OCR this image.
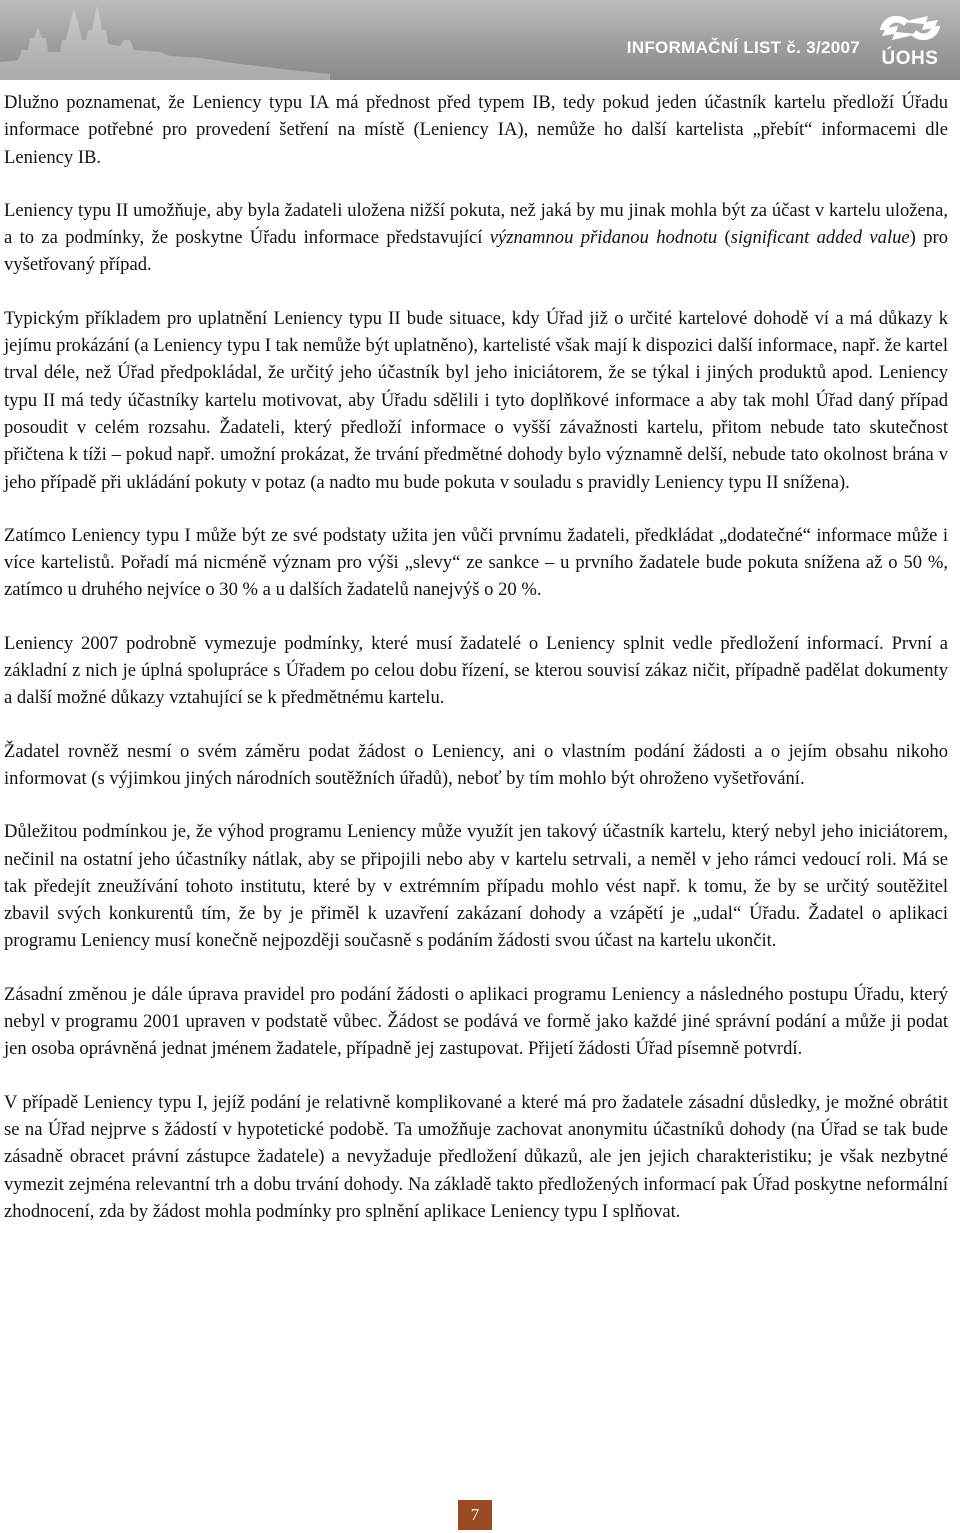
INFORMAČNÍ LIST č. 3/2007
ÚOHS

Dlužno poznamenat, že Leniency typu IA má přednost před typem IB, tedy pokud jeden účastník kartelu předloží Úřadu informace potřebné pro provedení šetření na místě (Leniency IA), nemůže ho další kartelista „přebít“ informacemi dle Leniency IB.

Leniency typu II umožňuje, aby byla žadateli uložena nižší pokuta, než jaká by mu jinak mohla být za účast v kartelu uložena, a to za podmínky, že poskytne Úřadu informace představující významnou přidanou hodnotu (significant added value) pro vyšetřovaný případ.

Typickým příkladem pro uplatnění Leniency typu II bude situace, kdy Úřad již o určité kartelové dohodě ví a má důkazy k jejímu prokázání (a Leniency typu I tak nemůže být uplatněno), kartelisté však mají k dispozici další informace, např. že kartel trval déle, než Úřad předpokládal, že určitý jeho účastník byl jeho iniciátorem, že se týkal i jiných produktů apod. Leniency typu II má tedy účastníky kartelu motivovat, aby Úřadu sdělili i tyto doplňkové informace a aby tak mohl Úřad daný případ posoudit v celém rozsahu. Žadateli, který předloží informace o vyšší závažnosti kartelu, přitom nebude tato skutečnost přičtena k tíži – pokud např. umožní prokázat, že trvání předmětné dohody bylo významně delší, nebude tato okolnost brána v jeho případě při ukládání pokuty v potaz (a nadto mu bude pokuta v souladu s pravidly Leniency typu II snížena).

Zatímco Leniency typu I může být ze své podstaty užita jen vůči prvnímu žadateli, předkládat „dodatečné“ informace může i více kartelistů. Pořadí má nicméně význam pro výši „slevy“ ze sankce – u prvního žadatele bude pokuta snížena až o 50 %, zatímco u druhého nejvíce o 30 % a u dalších žadatelů nanejvýš o 20 %.

Leniency 2007 podrobně vymezuje podmínky, které musí žadatelé o Leniency splnit vedle předložení informací. První a základní z nich je úplná spolupráce s Úřadem po celou dobu řízení, se kterou souvisí zákaz ničit, případně padělat dokumenty a další možné důkazy vztahující se k předmětnému kartelu.

Žadatel rovněž nesmí o svém záměru podat žádost o Leniency, ani o vlastním podání žádosti a o jejím obsahu nikoho informovat (s výjimkou jiných národních soutěžních úřadů), neboť by tím mohlo být ohroženo vyšetřování.

Důležitou podmínkou je, že výhod programu Leniency může využít jen takový účastník kartelu, který nebyl jeho iniciátorem, nečinil na ostatní jeho účastníky nátlak, aby se připojili nebo aby v kartelu setrvali, a neměl v jeho rámci vedoucí roli. Má se tak předejít zneužívání tohoto institutu, které by v extrémním případu mohlo vést např. k tomu, že by se určitý soutěžitel zbavil svých konkurentů tím, že by je přiměl k uzavření zakázaní dohody a vzápětí je „udal“ Úřadu. Žadatel o aplikaci programu Leniency musí konečně nejpozději současně s podáním žádosti svou účast na kartelu ukončit.

Zásadní změnou je dále úprava pravidel pro podání žádosti o aplikaci programu Leniency a následného postupu Úřadu, který nebyl v programu 2001 upraven v podstatě vůbec. Žádost se podává ve formě jako každé jiné správní podání a může ji podat jen osoba oprávněná jednat jménem žadatele, případně jej zastupovat. Přijetí žádosti Úřad písemně potvrdí.

V případě Leniency typu I, jejíž podání je relativně komplikované a které má pro žadatele zásadní důsledky, je možné obrátit se na Úřad nejprve s žádostí v hypotetické podobě. Ta umožňuje zachovat anonymitu účastníků dohody (na Úřad se tak bude zásadně obracet právní zástupce žadatele) a nevyžaduje předložení důkazů, ale jen jejich charakteristiku; je však nezbytné vymezit zejména relevantní trh a dobu trvání dohody. Na základě takto předložených informací pak Úřad poskytne neformální zhodnocení, zda by žádost mohla podmínky pro splnění aplikace Leniency typu I splňovat.

7
